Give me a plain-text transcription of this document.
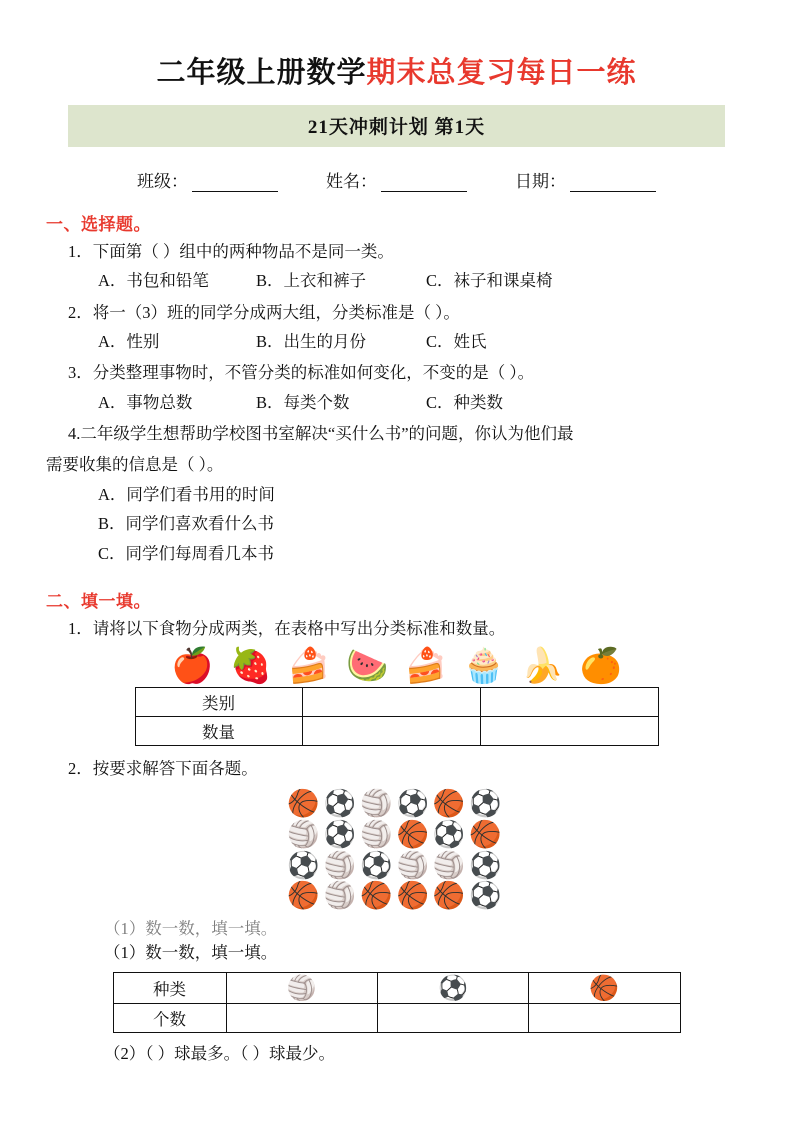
二年级上册数学期末总复习每日一练
21天冲刺计划 第1天
班级：	姓名：	日期：
一、选择题。
1．下面第（ ）组中的两种物品不是同一类。
A．书包和铅笔	B．上衣和裤子	C．袜子和课桌椅
2．将一（3）班的同学分成两大组，分类标准是（ ）。
A．性别	B．出生的月份	C．姓氏
3．分类整理事物时，不管分类的标准如何变化，不变的是（ ）。
A．事物总数	B．每类个数	C．种类数
4.二年级学生想帮助学校图书室解决“买什么书”的问题，你认为他们最
需要收集的信息是（ ）。
A．同学们看书用的时间
B．同学们喜欢看什么书
C．同学们每周看几本书
二、填一填。
1．请将以下食物分成两类，在表格中写出分类标准和数量。
🍎 🍓 🍰 🍉 🍰 🧁 🍌 🍊
类别		
数量		
2．按要求解答下面各题。
🏀⚽🏐⚽🏀⚽
🏐⚽🏐🏀⚽🏀
⚽🏐⚽🏐🏐⚽
🏀🏐🏀🏀🏀⚽
（1）数一数，填一填。
（1）数一数，填一填。
种类	🏐	⚽	🏀
个数			
（2）（ ）球最多。（ ）球最少。
